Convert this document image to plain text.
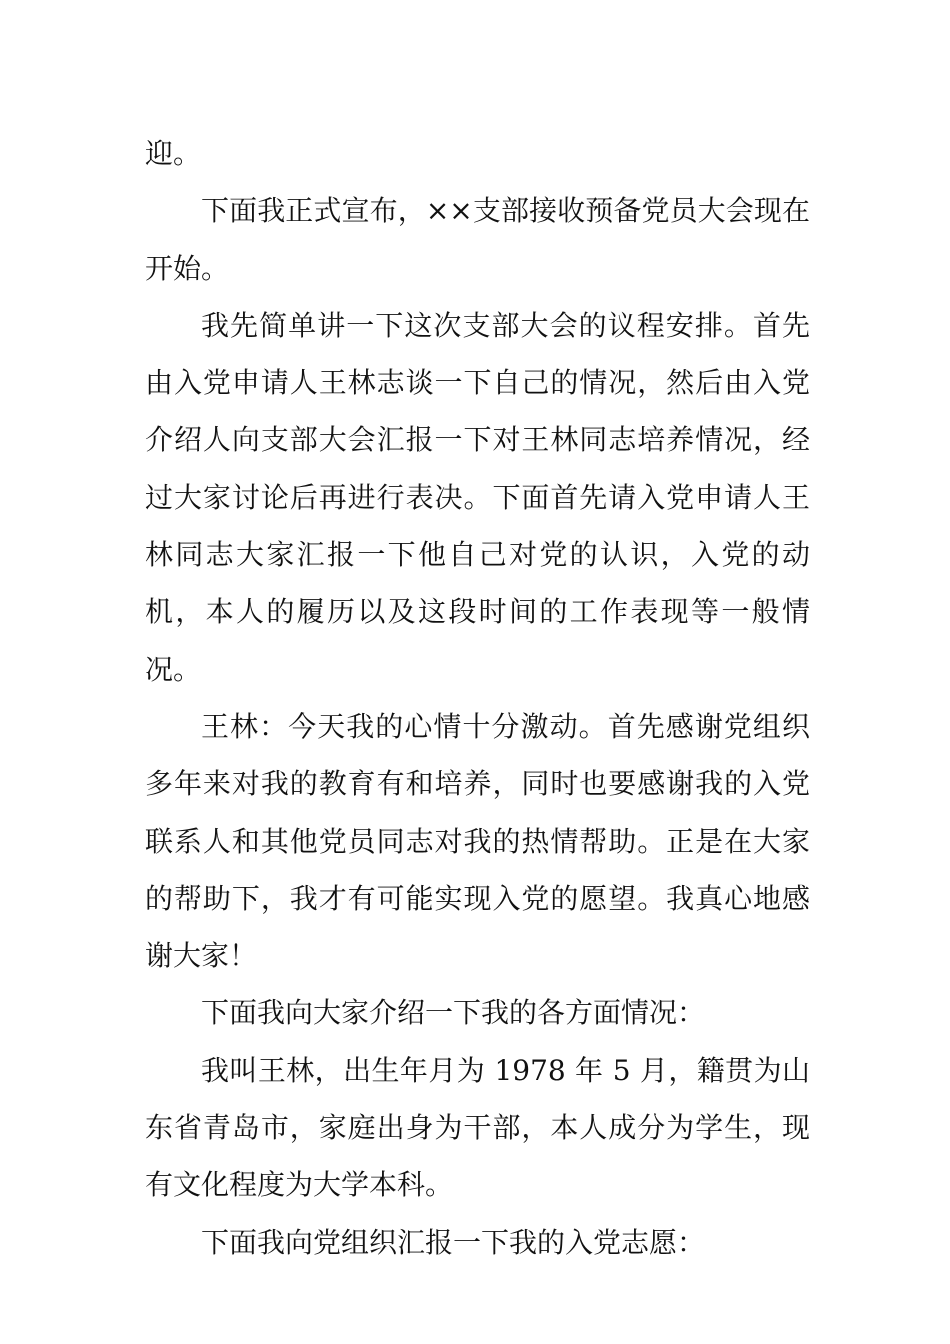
迎。

下面我正式宣布，××支部接收预备党员大会现在开始。

我先简单讲一下这次支部大会的议程安排。首先由入党申请人王林志谈一下自己的情况，然后由入党介绍人向支部大会汇报一下对王林同志培养情况，经过大家讨论后再进行表决。下面首先请入党申请人王林同志大家汇报一下他自己对党的认识，入党的动机，本人的履历以及这段时间的工作表现等一般情况。

王林：今天我的心情十分激动。首先感谢党组织多年来对我的教育有和培养，同时也要感谢我的入党联系人和其他党员同志对我的热情帮助。正是在大家的帮助下，我才有可能实现入党的愿望。我真心地感谢大家！

下面我向大家介绍一下我的各方面情况：

我叫王林，出生年月为 1978 年 5 月，籍贯为山东省青岛市，家庭出身为干部，本人成分为学生，现有文化程度为大学本科。

下面我向党组织汇报一下我的入党志愿：
